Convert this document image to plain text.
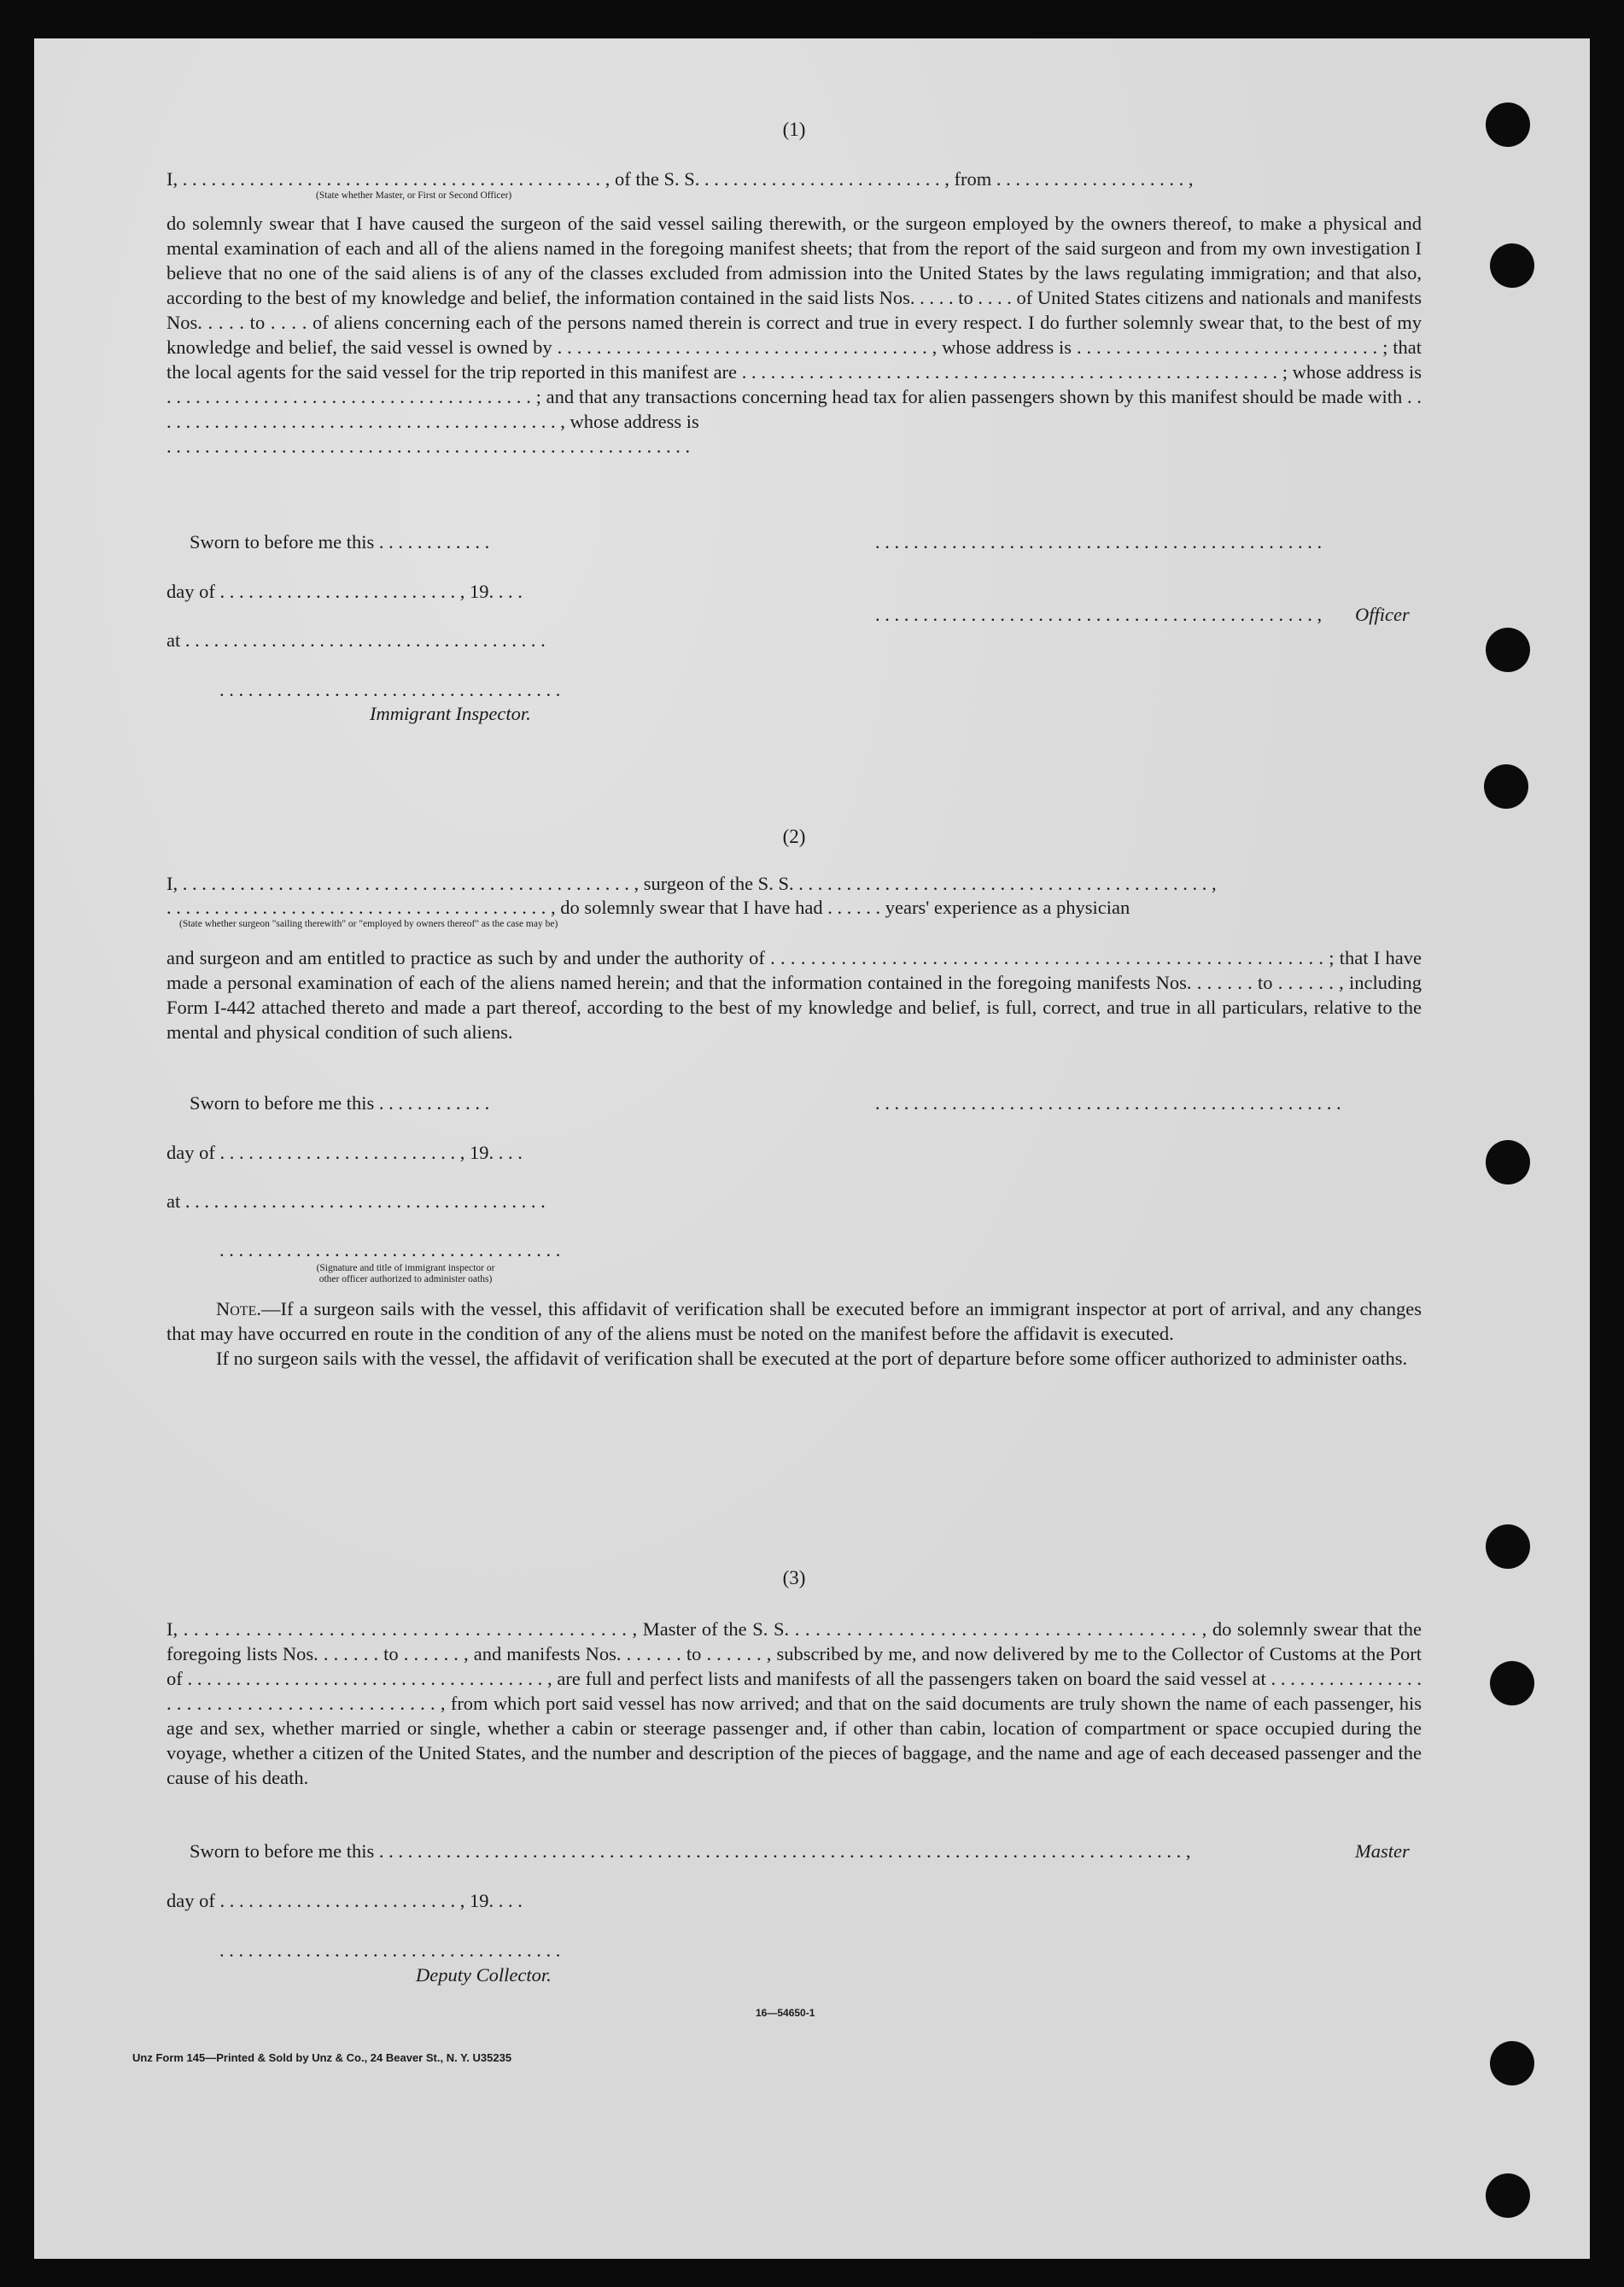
(1)
I, . . . . . . . . . . . . . . . . . . . . . . . . . . . . . . . . . . . . . . . . . . . . , of the S. S. . . . . . . . . . . . . . . . . . . . . . . . . . , from . . . . . . . . . . . . . . . . . . . . ,
(State whether Master, or First or Second Officer)

do solemnly swear that I have caused the surgeon of the said vessel sailing therewith, or the surgeon employed by the owners thereof, to make a physical and mental examination of each and all of the aliens named in the foregoing manifest sheets; that from the report of the said surgeon and from my own investigation I believe that no one of the said aliens is of any of the classes excluded from admission into the United States by the laws regulating immigration; and that also, according to the best of my knowledge and belief, the information contained in the said lists Nos. . . . . to . . . . of United States citizens and nationals and manifests Nos. . . . . to . . . . of aliens concerning each of the persons named therein is correct and true in every respect. I do further solemnly swear that, to the best of my knowledge and belief, the said vessel is owned by . . . . . . . . . . . . . . . . . . . . . . . . . . . . . . . . . . . . . . , whose address is . . . . . . . . . . . . . . . . . . . . . . . . . . . . . . . ; that the local agents for the said vessel for the trip reported in this manifest are . . . . . . . . . . . . . . . . . . . . . . . . . . . . . . . . . . . . . . . . . . . . . . . . . . . . . . . . ; whose address is . . . . . . . . . . . . . . . . . . . . . . . . . . . . . . . . . . . . . . ; and that any transactions concerning head tax for alien passengers shown by this manifest should be made with . . . . . . . . . . . . . . . . . . . . . . . . . . . . . . . . . . . . . . . . . . . , whose address is

. . . . . . . . . . . . . . . . . . . . . . . . . . . . . . . . . . . . . . . . . . . . . . . . . . . . . . .

Sworn to before me this . . . . . . . . . . . .	. . . . . . . . . . . . . . . . . . . . . . . . . . . . . . . . . . . . . . . . . . . . . . .
day of . . . . . . . . . . . . . . . . . . . . . . . . . , 19. . . .
. . . . . . . . . . . . . . . . . . . . . . . . . . . . . . . . . . . . . . . . . . . . . . ,	Officer
at . . . . . . . . . . . . . . . . . . . . . . . . . . . . . . . . . . . . . .
. . . . . . . . . . . . . . . . . . . . . . . . . . . . . . . . . . . .
Immigrant Inspector.
(2)
I, . . . . . . . . . . . . . . . . . . . . . . . . . . . . . . . . . . . . . . . . . . . . . . . , surgeon of the S. S. . . . . . . . . . . . . . . . . . . . . . . . . . . . . . . . . . . . . . . . . . . . ,
. . . . . . . . . . . . . . . . . . . . . . . . . . . . . . . . . . . . . . . . , do solemnly swear that I have had . . . . . . years' experience as a physician
(State whether surgeon "sailing therewith" or "employed by owners thereof" as the case may be)
and surgeon and am entitled to practice as such by and under the authority of . . . . . . . . . . . . . . . . . . . . . . . . . . . . . . . . . . . . . . . . . . . . . . . . . . . . . . . ; that I have made a personal examination of each of the aliens named herein; and that the information contained in the foregoing manifests Nos. . . . . . . to . . . . . . , including Form I-442 attached thereto and made a part thereof, according to the best of my knowledge and belief, is full, correct, and true in all particulars, relative to the mental and physical condition of such aliens.
Sworn to before me this . . . . . . . . . . . .	. . . . . . . . . . . . . . . . . . . . . . . . . . . . . . . . . . . . . . . . . . . . . . . . .
day of . . . . . . . . . . . . . . . . . . . . . . . . . , 19. . . .
at . . . . . . . . . . . . . . . . . . . . . . . . . . . . . . . . . . . . . .
. . . . . . . . . . . . . . . . . . . . . . . . . . . . . . . . . . . .
(Signature and title of immigrant inspector or
other officer authorized to administer oaths)

Note.—If a surgeon sails with the vessel, this affidavit of verification shall be executed before an immigrant inspector at port of arrival, and any changes that may have occurred en route in the condition of any of the aliens must be noted on the manifest before the affidavit is executed.

If no surgeon sails with the vessel, the affidavit of verification shall be executed at the port of departure before some officer authorized to administer oaths.

(3)
I, . . . . . . . . . . . . . . . . . . . . . . . . . . . . . . . . . . . . . . . . . . . , Master of the S. S. . . . . . . . . . . . . . . . . . . . . . . . . . . . . . . . . . . . . . . . , do solemnly swear that the foregoing lists Nos. . . . . . . to . . . . . . , and manifests Nos. . . . . . . to . . . . . . , subscribed by me, and now delivered by me to the Collector of Customs at the Port of . . . . . . . . . . . . . . . . . . . . . . . . . . . . . . . . . . . . . , are full and perfect lists and manifests of all the passengers taken on board the said vessel at . . . . . . . . . . . . . . . . . . . . . . . . . . . . . . . . . . . . . . . . . . . , from which port said vessel has now arrived; and that on the said documents are truly shown the name of each passenger, his age and sex, whether married or single, whether a cabin or steerage passenger and, if other than cabin, location of compartment or space occupied during the voyage, whether a citizen of the United States, and the number and description of the pieces of baggage, and the name and age of each deceased passenger and the cause of his death.
Sworn to before me this . . . . . . . . . . . . . . . . . . . . . . . . . . . . . . . . . . . . . . . . . . . . . . . . . . . . . . . . . . . . . . . . . . . . . . . . . . . . . . . . . . . . ,	Master
day of . . . . . . . . . . . . . . . . . . . . . . . . . , 19. . . .
. . . . . . . . . . . . . . . . . . . . . . . . . . . . . . . . . . . .
Deputy Collector.
16—54650-1
Unz Form 145—Printed & Sold by Unz & Co., 24 Beaver St., N. Y. U35235
